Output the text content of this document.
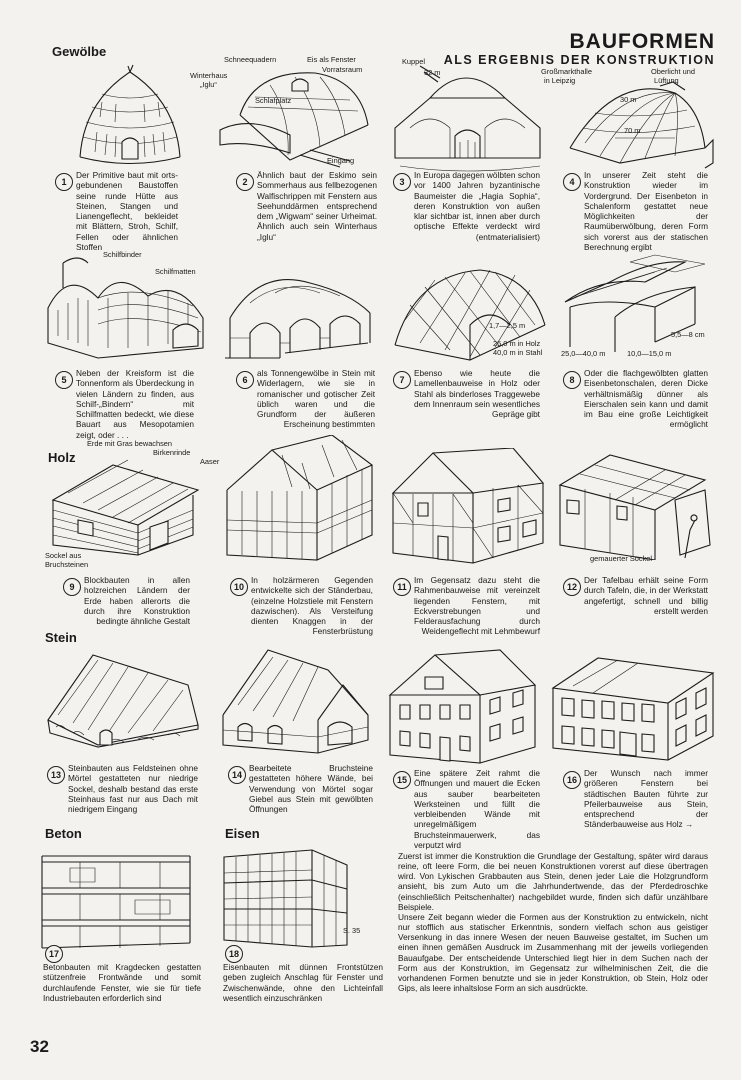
BAUFORMEN
ALS ERGEBNIS DER KONSTRUKTION
Gewölbe
Holz
Stein
Beton	Eisen
1
Der Primitive baut mit orts-gebundenen Baustoffen seine runde Hütte aus Steinen, Stangen und Lianengeflecht, bekleidet mit Blättern, Stroh, Schilf, Fellen oder ähnlichen Stoffen
Schneequadern	Eis als Fenster
Vorratsraum
Winterhaus
„Iglu“
Schlafplatz
Eingang
2
Ähnlich baut der Eskimo sein Sommerhaus aus fellbezogenen Walfischrippen mit Fenstern aus Seehunddärmen entsprechend dem „Wigwam“ seiner Urheimat. Ähnlich auch sein Winterhaus „Iglu“
Kuppel
32 m
3
In Europa dagegen wölbten schon vor 1400 Jahren byzantinische Baumeister die „Hagia Sophia“, deren Konstruktion von außen klar sichtbar ist, innen aber durch optische Effekte verdeckt wird (entmaterialisiert)
Großmarkthalle
in Leipzig
Oberlicht und
Lüftung
30 m
70 m
4
In unserer Zeit steht die Konstruktion wieder im Vordergrund. Der Eisenbeton in Schalenform gestattet neue Möglichkeiten der Raumüberwölbung, deren Form sich vorerst aus der statischen Berechnung ergibt
Schilfbinder
Schilfmatten
5
Neben der Kreisform ist die Tonnenform als Überdeckung in vielen Ländern zu finden, aus Schilf-„Bindern“ mit Schilfmatten bedeckt, wie diese Bauart aus Mesopotamien zeigt, oder . . .
6
als Tonnengewölbe in Stein mit Widerlagern, wie sie in romanischer und gotischer Zeit üblich waren und die Grundform der äußeren Erscheinung bestimmten
1,7—2,5 m
25,0 m in Holz
40,0 m in Stahl
7
Ebenso wie heute die Lamellenbauweise in Holz oder Stahl als binderloses Traggewebe dem Innenraum sein wesentliches Gepräge gibt
5,5—8 cm
25,0—40,0 m	10,0—15,0 m
8
Oder die flachgewölbten glatten Eisenbetonschalen, deren Dicke verhältnismäßig dünner als Eierschalen sein kann und damit im Bau eine große Leichtigkeit ermöglicht
Erde mit Gras bewachsen
Birkenrinde
Aaser
Sockel aus
Bruchsteinen
9
Blockbauten in allen holzreichen Ländern der Erde haben allerorts die durch ihre Konstruktion bedingte ähnliche Gestalt
10
In holzärmeren Gegenden entwickelte sich der Ständerbau, (einzelne Holzstiele mit Fenstern dazwischen). Als Versteifung dienten Knaggen in der Fensterbrüstung
11
Im Gegensatz dazu steht die Rahmenbauweise mit vereinzelt liegenden Fenstern, mit Eckverstrebungen und Felderausfachung durch Weidengeflecht mit Lehmbewurf
gemauerter Sockel
12
Der Tafelbau erhält seine Form durch Tafeln, die, in der Werkstatt angefertigt, schnell und billig erstellt werden
13
Steinbauten aus Feldsteinen ohne Mörtel gestatteten nur niedrige Sockel, deshalb bestand das erste Steinhaus fast nur aus Dach mit niedrigem Eingang
14
Bearbeitete Bruchsteine gestatteten höhere Wände, bei Verwendung von Mörtel sogar Giebel aus Stein mit gewölbten Öffnungen
15
Eine spätere Zeit rahmt die Öffnungen und mauert die Ecken aus sauber bearbeiteten Werksteinen und füllt die verbleibenden Wände mit unregelmäßigem Bruchsteinmauerwerk, das verputzt wird
16
Der Wunsch nach immer größeren Fenstern bei städtischen Bauten führte zur Pfeilerbauweise aus Stein, entsprechend der Ständerbauweise aus Holz →
17
Betonbauten mit Kragdecken gestatten stützenfreie Frontwände und somit durchlaufende Fenster, wie sie für tiefe Industriebauten erforderlich sind
S. 35
18
Eisenbauten mit dünnen Frontstützen geben zugleich Anschlag für Fenster und Zwischenwände, ohne den Lichteinfall wesentlich einzuschränken

Zuerst ist immer die Konstruktion die Grundlage der Gestaltung, später wird daraus reine, oft leere Form, die bei neuen Konstruktionen vorerst auf diese übertragen wird. Von Lykischen Grabbauten aus Stein, denen jeder Laie die Holzgrundform ansieht, bis zum Auto um die Jahrhundertwende, das der Pferdedroschke (einschließlich Peitschenhalter) nachgebildet wurde, finden sich dafür unzählbare Beispiele.

Unsere Zeit begann wieder die Formen aus der Konstruktion zu entwickeln, nicht nur stofflich aus statischer Erkenntnis, sondern vielfach schon aus geistiger Versenkung in das innere Wesen der neuen Bauweise gestaltet, im Suchen um einen ihnen gemäßen Ausdruck im Zusammenhang mit der jeweils vorliegenden Bauaufgabe. Der entscheidende Unterschied liegt hier in dem Suchen nach der Form aus der Konstruktion, im Gegensatz zur wilhelminischen Zeit, die die vorhandenen Formen benutzte und sie in jeder Konstruktion, ob Stein, Holz oder Gips, als leere inhaltslose Form an sich ausdrückte.

32
